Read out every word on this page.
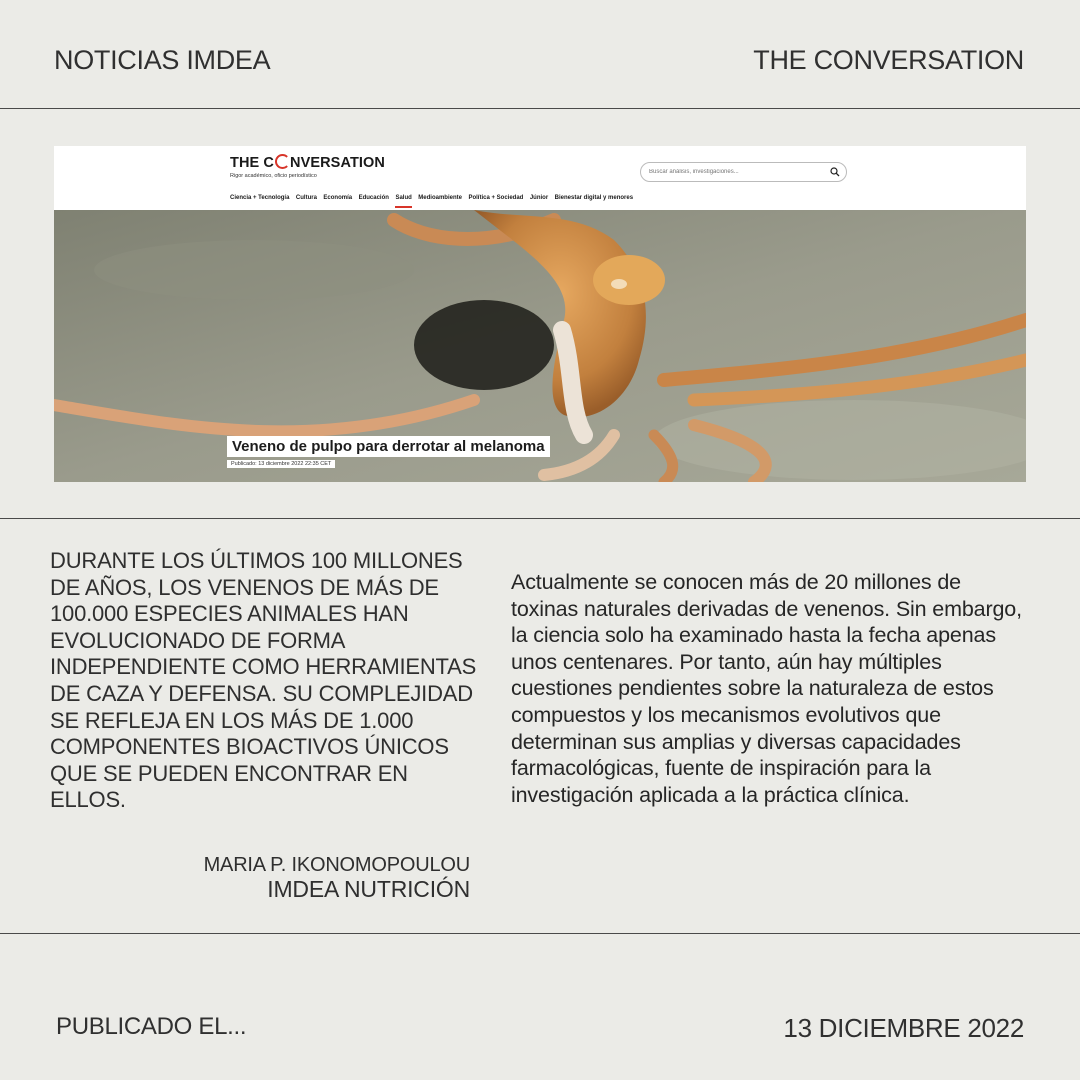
NOTICIAS IMDEA	THE CONVERSATION
THE C NVERSATION
Rigor académico, oficio periodístico
Buscar análisis, investigaciones...
Ciencia + Tecnología Cultura Economía Educación Salud Medioambiente Política + Sociedad Júnior Bienestar digital y menores
Veneno de pulpo para derrotar al melanoma
Publicado: 13 diciembre 2022 22:35 CET
DURANTE LOS ÚLTIMOS 100 MILLONES DE AÑOS, LOS VENENOS DE MÁS DE 100.000 ESPECIES ANIMALES HAN EVOLUCIONADO DE FORMA INDEPENDIENTE COMO HERRAMIENTAS DE CAZA Y DEFENSA. SU COMPLEJIDAD SE REFLEJA EN LOS MÁS DE 1.000 COMPONENTES BIOACTIVOS ÚNICOS QUE SE PUEDEN ENCONTRAR EN ELLOS.
MARIA P. IKONOMOPOULOU
IMDEA NUTRICIÓN
Actualmente se conocen más de 20 millones de toxinas naturales derivadas de venenos. Sin embargo, la ciencia solo ha examinado hasta la fecha apenas unos centenares. Por tanto, aún hay múltiples cuestiones pendientes sobre la naturaleza de estos compuestos y los mecanismos evolutivos que determinan sus amplias y diversas capacidades farmacológicas, fuente de inspiración para la investigación aplicada a la práctica clínica.
PUBLICADO EL...	13 DICIEMBRE 2022
